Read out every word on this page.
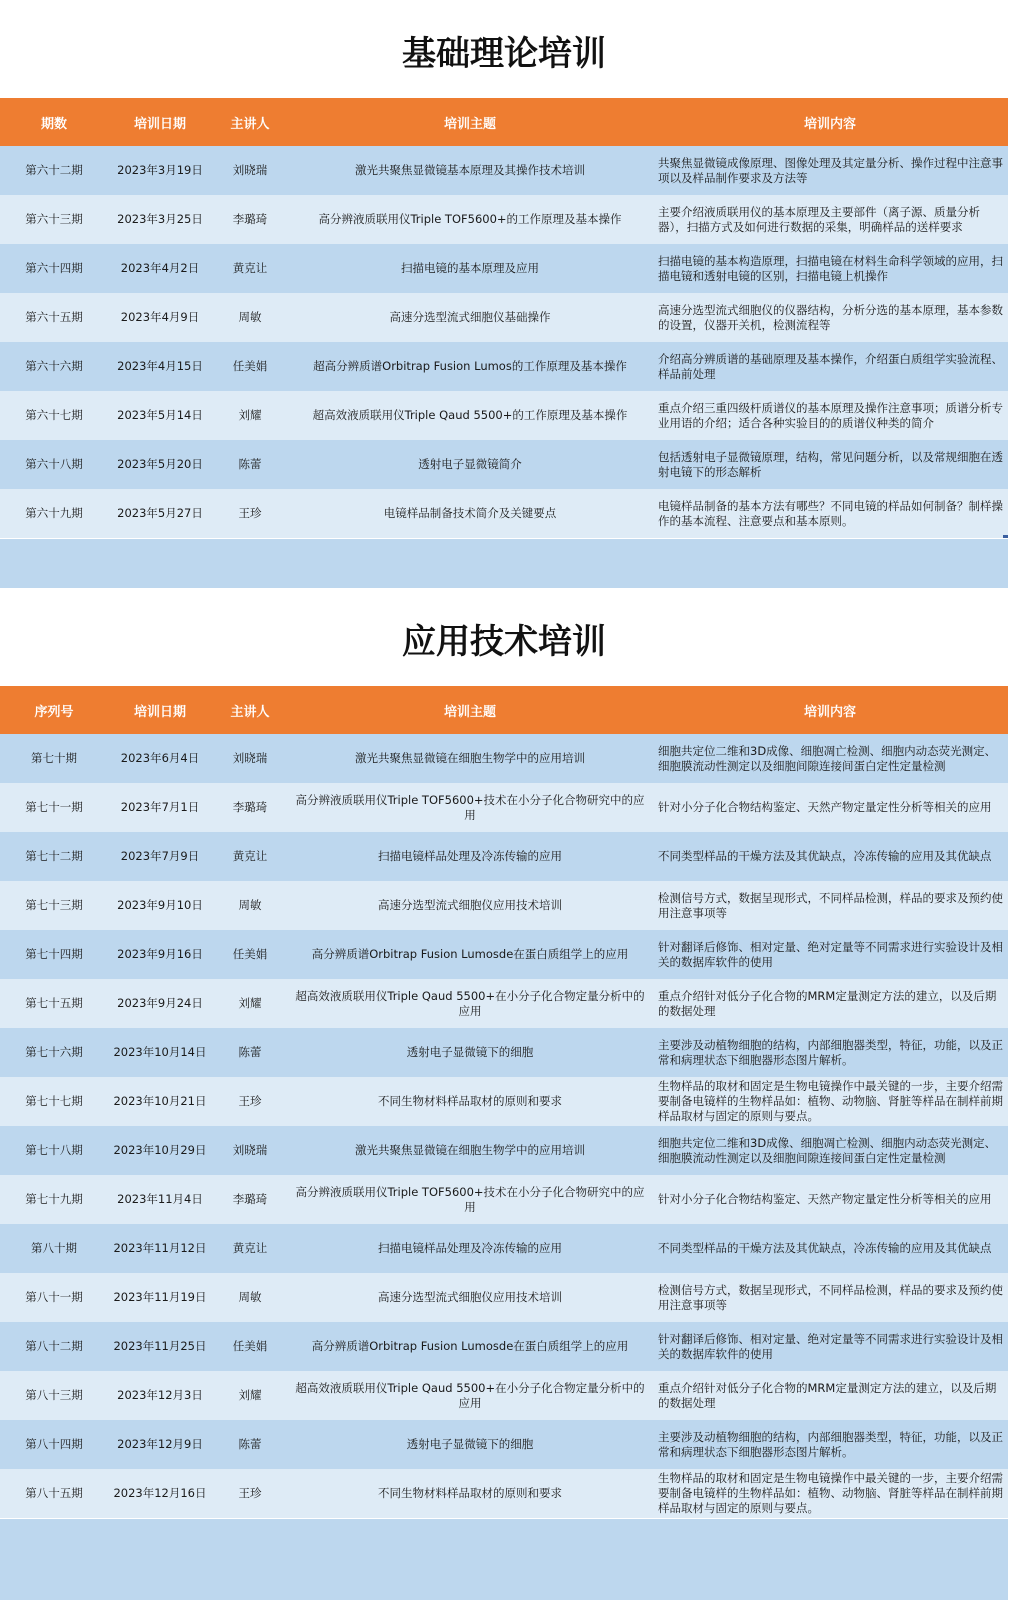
基础理论培训
期数	培训日期	主讲人	培训主题	培训内容
第六十二期	2023年3月19日	刘晓瑞	激光共聚焦显微镜基本原理及其操作技术培训	共聚焦显微镜成像原理、图像处理及其定量分析、操作过程中注意事项以及样品制作要求及方法等
第六十三期	2023年3月25日	李璐琦	高分辨液质联用仪Triple TOF5600+的工作原理及基本操作	主要介绍液质联用仪的基本原理及主要部件（离子源、质量分析器），扫描方式及如何进行数据的采集，明确样品的送样要求
第六十四期	2023年4月2日	黄克让	扫描电镜的基本原理及应用	扫描电镜的基本构造原理，扫描电镜在材料生命科学领域的应用，扫描电镜和透射电镜的区别，扫描电镜上机操作
第六十五期	2023年4月9日	周敏	高速分选型流式细胞仪基础操作	高速分选型流式细胞仪的仪器结构，分析分选的基本原理，基本参数的设置，仪器开关机，检测流程等
第六十六期	2023年4月15日	任美娟	超高分辨质谱Orbitrap Fusion Lumos的工作原理及基本操作	介绍高分辨质谱的基础原理及基本操作，介绍蛋白质组学实验流程、样品前处理
第六十七期	2023年5月14日	刘耀	超高效液质联用仪Triple Qaud 5500+的工作原理及基本操作	重点介绍三重四级杆质谱仪的基本原理及操作注意事项；质谱分析专业用语的介绍；适合各种实验目的的质谱仪种类的简介
第六十八期	2023年5月20日	陈蕾	透射电子显微镜简介	包括透射电子显微镜原理，结构，常见问题分析，以及常规细胞在透射电镜下的形态解析
第六十九期	2023年5月27日	王珍	电镜样品制备技术简介及关键要点	电镜样品制备的基本方法有哪些？不同电镜的样品如何制备？制样操作的基本流程、注意要点和基本原则。
应用技术培训
序列号	培训日期	主讲人	培训主题	培训内容
第七十期	2023年6月4日	刘晓瑞	激光共聚焦显微镜在细胞生物学中的应用培训	细胞共定位二维和3D成像、细胞凋亡检测、细胞内动态荧光测定、细胞膜流动性测定以及细胞间隙连接间蛋白定性定量检测
第七十一期	2023年7月1日	李璐琦	高分辨液质联用仪Triple TOF5600+技术在小分子化合物研究中的应用	针对小分子化合物结构鉴定、天然产物定量定性分析等相关的应用
第七十二期	2023年7月9日	黄克让	扫描电镜样品处理及冷冻传输的应用	不同类型样品的干燥方法及其优缺点，冷冻传输的应用及其优缺点
第七十三期	2023年9月10日	周敏	高速分选型流式细胞仪应用技术培训	检测信号方式，数据呈现形式，不同样品检测，样品的要求及预约使用注意事项等
第七十四期	2023年9月16日	任美娟	高分辨质谱Orbitrap Fusion Lumosde在蛋白质组学上的应用	针对翻译后修饰、相对定量、绝对定量等不同需求进行实验设计及相关的数据库软件的使用
第七十五期	2023年9月24日	刘耀	超高效液质联用仪Triple Qaud 5500+在小分子化合物定量分析中的应用	重点介绍针对低分子化合物的MRM定量测定方法的建立，以及后期的数据处理
第七十六期	2023年10月14日	陈蕾	透射电子显微镜下的细胞	主要涉及动植物细胞的结构，内部细胞器类型，特征，功能，以及正常和病理状态下细胞器形态图片解析。
第七十七期	2023年10月21日	王珍	不同生物材料样品取材的原则和要求	生物样品的取材和固定是生物电镜操作中最关键的一步，主要介绍需要制备电镜样的生物样品如：植物、动物脑、肾脏等样品在制样前期样品取材与固定的原则与要点。
第七十八期	2023年10月29日	刘晓瑞	激光共聚焦显微镜在细胞生物学中的应用培训	细胞共定位二维和3D成像、细胞凋亡检测、细胞内动态荧光测定、细胞膜流动性测定以及细胞间隙连接间蛋白定性定量检测
第七十九期	2023年11月4日	李璐琦	高分辨液质联用仪Triple TOF5600+技术在小分子化合物研究中的应用	针对小分子化合物结构鉴定、天然产物定量定性分析等相关的应用
第八十期	2023年11月12日	黄克让	扫描电镜样品处理及冷冻传输的应用	不同类型样品的干燥方法及其优缺点，冷冻传输的应用及其优缺点
第八十一期	2023年11月19日	周敏	高速分选型流式细胞仪应用技术培训	检测信号方式，数据呈现形式，不同样品检测，样品的要求及预约使用注意事项等
第八十二期	2023年11月25日	任美娟	高分辨质谱Orbitrap Fusion Lumosde在蛋白质组学上的应用	针对翻译后修饰、相对定量、绝对定量等不同需求进行实验设计及相关的数据库软件的使用
第八十三期	2023年12月3日	刘耀	超高效液质联用仪Triple Qaud 5500+在小分子化合物定量分析中的应用	重点介绍针对低分子化合物的MRM定量测定方法的建立，以及后期的数据处理
第八十四期	2023年12月9日	陈蕾	透射电子显微镜下的细胞	主要涉及动植物细胞的结构，内部细胞器类型，特征，功能，以及正常和病理状态下细胞器形态图片解析。
第八十五期	2023年12月16日	王珍	不同生物材料样品取材的原则和要求	生物样品的取材和固定是生物电镜操作中最关键的一步，主要介绍需要制备电镜样的生物样品如：植物、动物脑、肾脏等样品在制样前期样品取材与固定的原则与要点。
